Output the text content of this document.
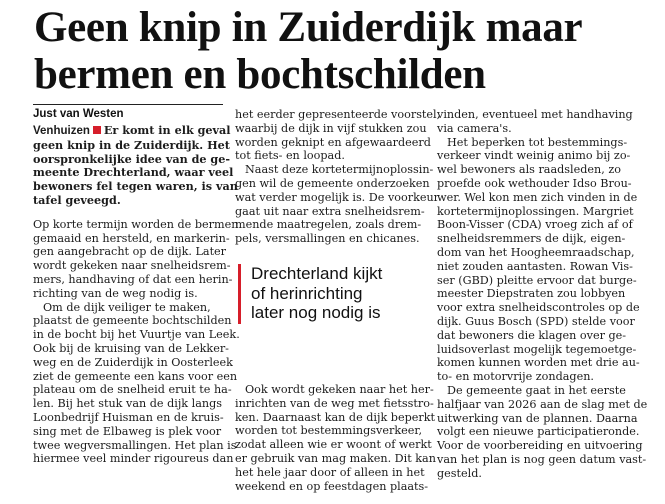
Geen knip in Zuiderdijk maar
bermen en bochtschilden
Just van Westen

Venhuizen Er komt in elk geval

geen knip in de Zuiderdijk. Het

oorspronkelijke idee van de ge-

meente Drechterland, waar veel

bewoners fel tegen waren, is van

tafel geveegd.

Op korte termijn worden de bermen

gemaaid en hersteld, en markerin-

gen aangebracht op de dijk. Later

wordt gekeken naar snelheidsrem-

mers, handhaving of dat een herin-

richting van de weg nodig is.

Om de dijk veiliger te maken,

plaatst de gemeente bochtschilden

in de bocht bij het Vuurtje van Leek.

Ook bij de kruising van de Lekker-

weg en de Zuiderdijk in Oosterleek

ziet de gemeente een kans voor een

plateau om de snelheid eruit te ha-

len. Bij het stuk van de dijk langs

Loonbedrijf Huisman en de kruis-

sing met de Elbaweg is plek voor

twee wegversmallingen. Het plan is

hiermee veel minder rigoureus dan

het eerder gepresenteerde voorstel,

waarbij de dijk in vijf stukken zou

worden geknipt en afgewaardeerd

tot fiets- en loopad.

Naast deze kortetermijnoplossin-

gen wil de gemeente onderzoeken

wat verder mogelijk is. De voorkeur

gaat uit naar extra snelheidsrem-

mende maatregelen, zoals drem-

pels, versmallingen en chicanes.

Drechterland kijkt

of herinrichting

later nog nodig is

Ook wordt gekeken naar het her-

inrichten van de weg met fietsstro-

ken. Daarnaast kan de dijk beperkt

worden tot bestemmingsverkeer,

zodat alleen wie er woont of werkt

er gebruik van mag maken. Dit kan

het hele jaar door of alleen in het

weekend en op feestdagen plaats-

vinden, eventueel met handhaving

via camera's.

Het beperken tot bestemmings-

verkeer vindt weinig animo bij zo-

wel bewoners als raadsleden, zo

proefde ook wethouder Idso Brou-

wer. Wel kon men zich vinden in de

kortetermijnoplossingen. Margriet

Boon-Visser (CDA) vroeg zich af of

snelheidsremmers de dijk, eigen-

dom van het Hoogheemraadschap,

niet zouden aantasten. Rowan Vis-

ser (GBD) pleitte ervoor dat burge-

meester Diepstraten zou lobbyen

voor extra snelheidscontroles op de

dijk. Guus Bosch (SPD) stelde voor

dat bewoners die klagen over ge-

luidsoverlast mogelijk tegemoetge-

komen kunnen worden met drie au-

to- en motorvrije zondagen.

De gemeente gaat in het eerste

halfjaar van 2026 aan de slag met de

uitwerking van de plannen. Daarna

volgt een nieuwe participatieronde.

Voor de voorbereiding en uitvoering

van het plan is nog geen datum vast-

gesteld.
